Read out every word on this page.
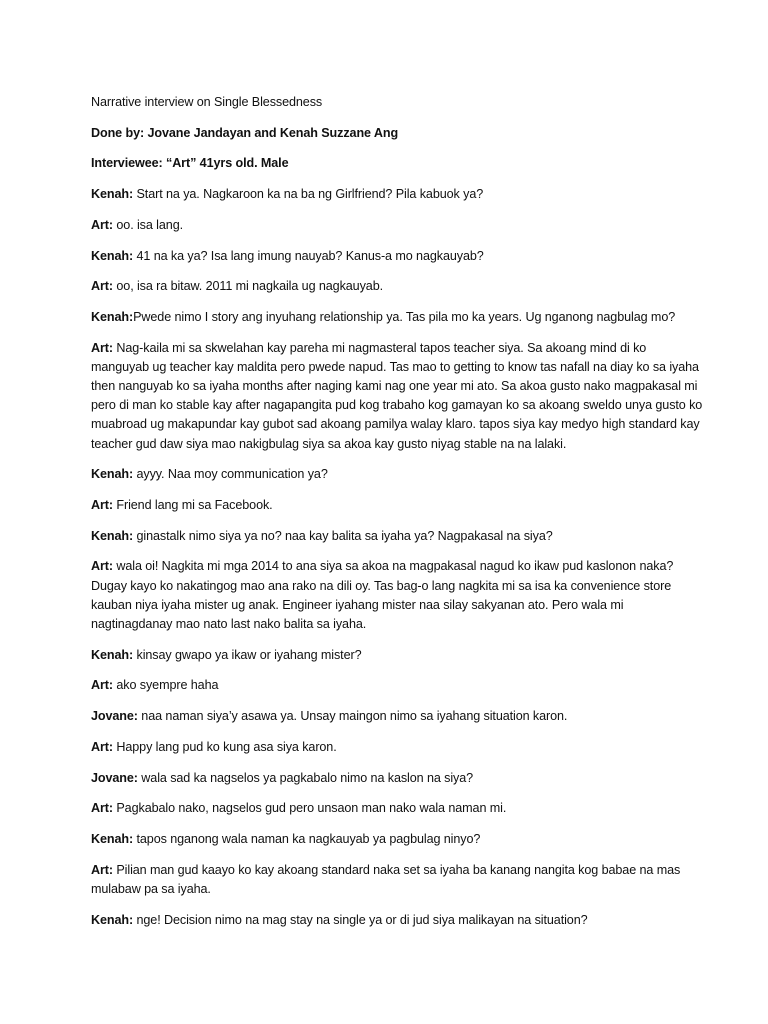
Narrative interview on Single Blessedness

Done by: Jovane Jandayan and Kenah Suzzane Ang

Interviewee: “Art” 41yrs old. Male

Kenah: Start na ya. Nagkaroon ka na ba ng Girlfriend? Pila kabuok ya?

Art: oo. isa lang.

Kenah: 41 na ka ya? Isa lang imung nauyab? Kanus-a mo nagkauyab?

Art: oo, isa ra bitaw. 2011 mi nagkaila ug nagkauyab.

Kenah:Pwede nimo I story ang inyuhang relationship ya. Tas pila mo ka years. Ug nganong nagbulag mo?

Art: Nag-kaila mi sa skwelahan kay pareha mi nagmasteral tapos teacher siya. Sa akoang mind di ko manguyab ug teacher kay maldita pero pwede napud. Tas mao to getting to know tas nafall na diay ko sa iyaha then nanguyab ko sa iyaha months after naging kami nag one year mi ato. Sa akoa gusto nako magpakasal mi pero di man ko stable kay after nagapangita pud kog trabaho kog gamayan ko sa akoang sweldo unya gusto ko muabroad ug makapundar kay gubot sad akoang pamilya walay klaro. tapos siya kay medyo high standard kay teacher gud daw siya mao nakigbulag siya sa akoa kay gusto niyag stable na na lalaki.

Kenah: ayyy. Naa moy communication ya?

Art: Friend lang mi sa Facebook.

Kenah: ginastalk nimo siya ya no? naa kay balita sa iyaha ya? Nagpakasal na siya?

Art: wala oi! Nagkita mi mga 2014 to ana siya sa akoa na magpakasal nagud ko ikaw pud kaslonon naka? Dugay kayo ko nakatingog mao ana rako na dili oy. Tas bag-o lang nagkita mi sa isa ka convenience store kauban niya iyaha mister ug anak. Engineer iyahang mister naa silay sakyanan ato. Pero wala mi nagtinagdanay mao nato last nako balita sa iyaha.

Kenah: kinsay gwapo ya ikaw or iyahang mister?

Art: ako syempre haha

Jovane: naa naman siya’y asawa ya. Unsay maingon nimo sa iyahang situation karon.

Art: Happy lang pud ko kung asa siya karon.

Jovane: wala sad ka nagselos ya pagkabalo nimo na kaslon na siya?

Art: Pagkabalo nako, nagselos gud pero unsaon man nako wala naman mi.

Kenah: tapos nganong wala naman ka nagkauyab ya pagbulag ninyo?

Art: Pilian man gud kaayo ko kay akoang standard naka set sa iyaha ba kanang nangita kog babae na mas mulabaw pa sa iyaha.

Kenah: nge! Decision nimo na mag stay na single ya or di jud siya malikayan na situation?
